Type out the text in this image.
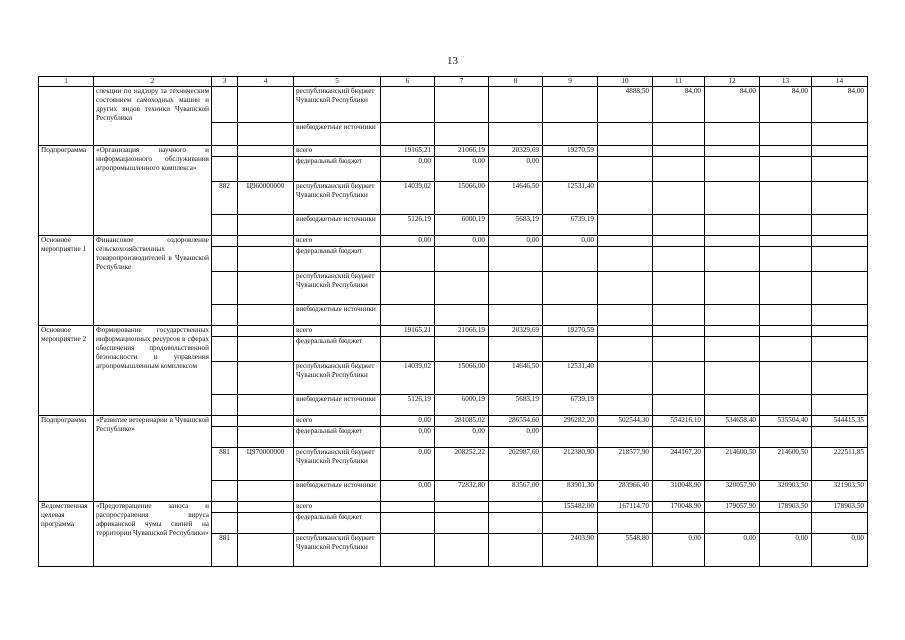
13
1	2	3	4	5	6	7	8	9	10	11	12	13	14
	спекции по надзору за техническим состоянием самоходных машин и других видов техники Чувашской Республики			республиканский бюджет Чувашской Республики					4888,50	84,00	84,00	84,00	84,00
				внебюджетные источники									
Подпрограмма	«Организация научного и информационного обслуживания агропромышленного комплекса»			всего	19165,21	21066,19	20329,69	19270,59					
				федеральный бюджет	0,00	0,00	0,00						
		882	Ц960000000	республиканский бюджет Чувашской Республики	14039,02	15066,00	14646,50	12531,40					
				внебюджетные источники	5126,19	6000,19	5683,19	6739,19					
Основное мероприятие 1	Финансовое оздоровление сельскохозяйственных товаропроизводителей в Чувашской Республике			всего	0,00	0,00	0,00	0,00					
				федеральный бюджет									
				республиканский бюджет Чувашской Республики									
				внебюджетные источники									
Основное мероприятие 2	Формирование государственных информационных ресурсов в сферах обеспечения продовольственной безопасности и управления агропромышленным комплексом			всего	19165,21	21066,19	20329,69	19270,59					
				федеральный бюджет									
				республиканский бюджет Чувашской Республики	14039,02	15066,00	14646,50	12531,40					
				внебюджетные источники	5126,19	6000,19	5683,19	6739,19					
Подпрограмма	«Развитие ветеринарии в Чувашской Республике»			всего	0,00	281085,02	286554,60	296282,20	502544,30	554216,10	534658,40	535504,40	544415,35
				федеральный бюджет	0,00	0,00	0,00						
		881	Ц970000000	республиканский бюджет Чувашской Республики	0,00	208252,22	202987,60	212380,90	218577,90	244167,20	214600,50	214600,50	222511,85
				внебюджетные источники	0,00	72832,80	83567,00	83901,30	283966,40	310048,90	320057,90	320903,50	321903,50
Ведомственная целевая программа	«Предотвращение заноса и распространения вируса африканской чумы свиней на территории Чувашской Республики»			всего				155482,00	167114,70	170048,90	179057,90	178903,50	178903,50
				федеральный бюджет									
		881		республиканский бюджет Чувашской Республики				2403,90	5548,80	0,00	0,00	0,00	0,00
